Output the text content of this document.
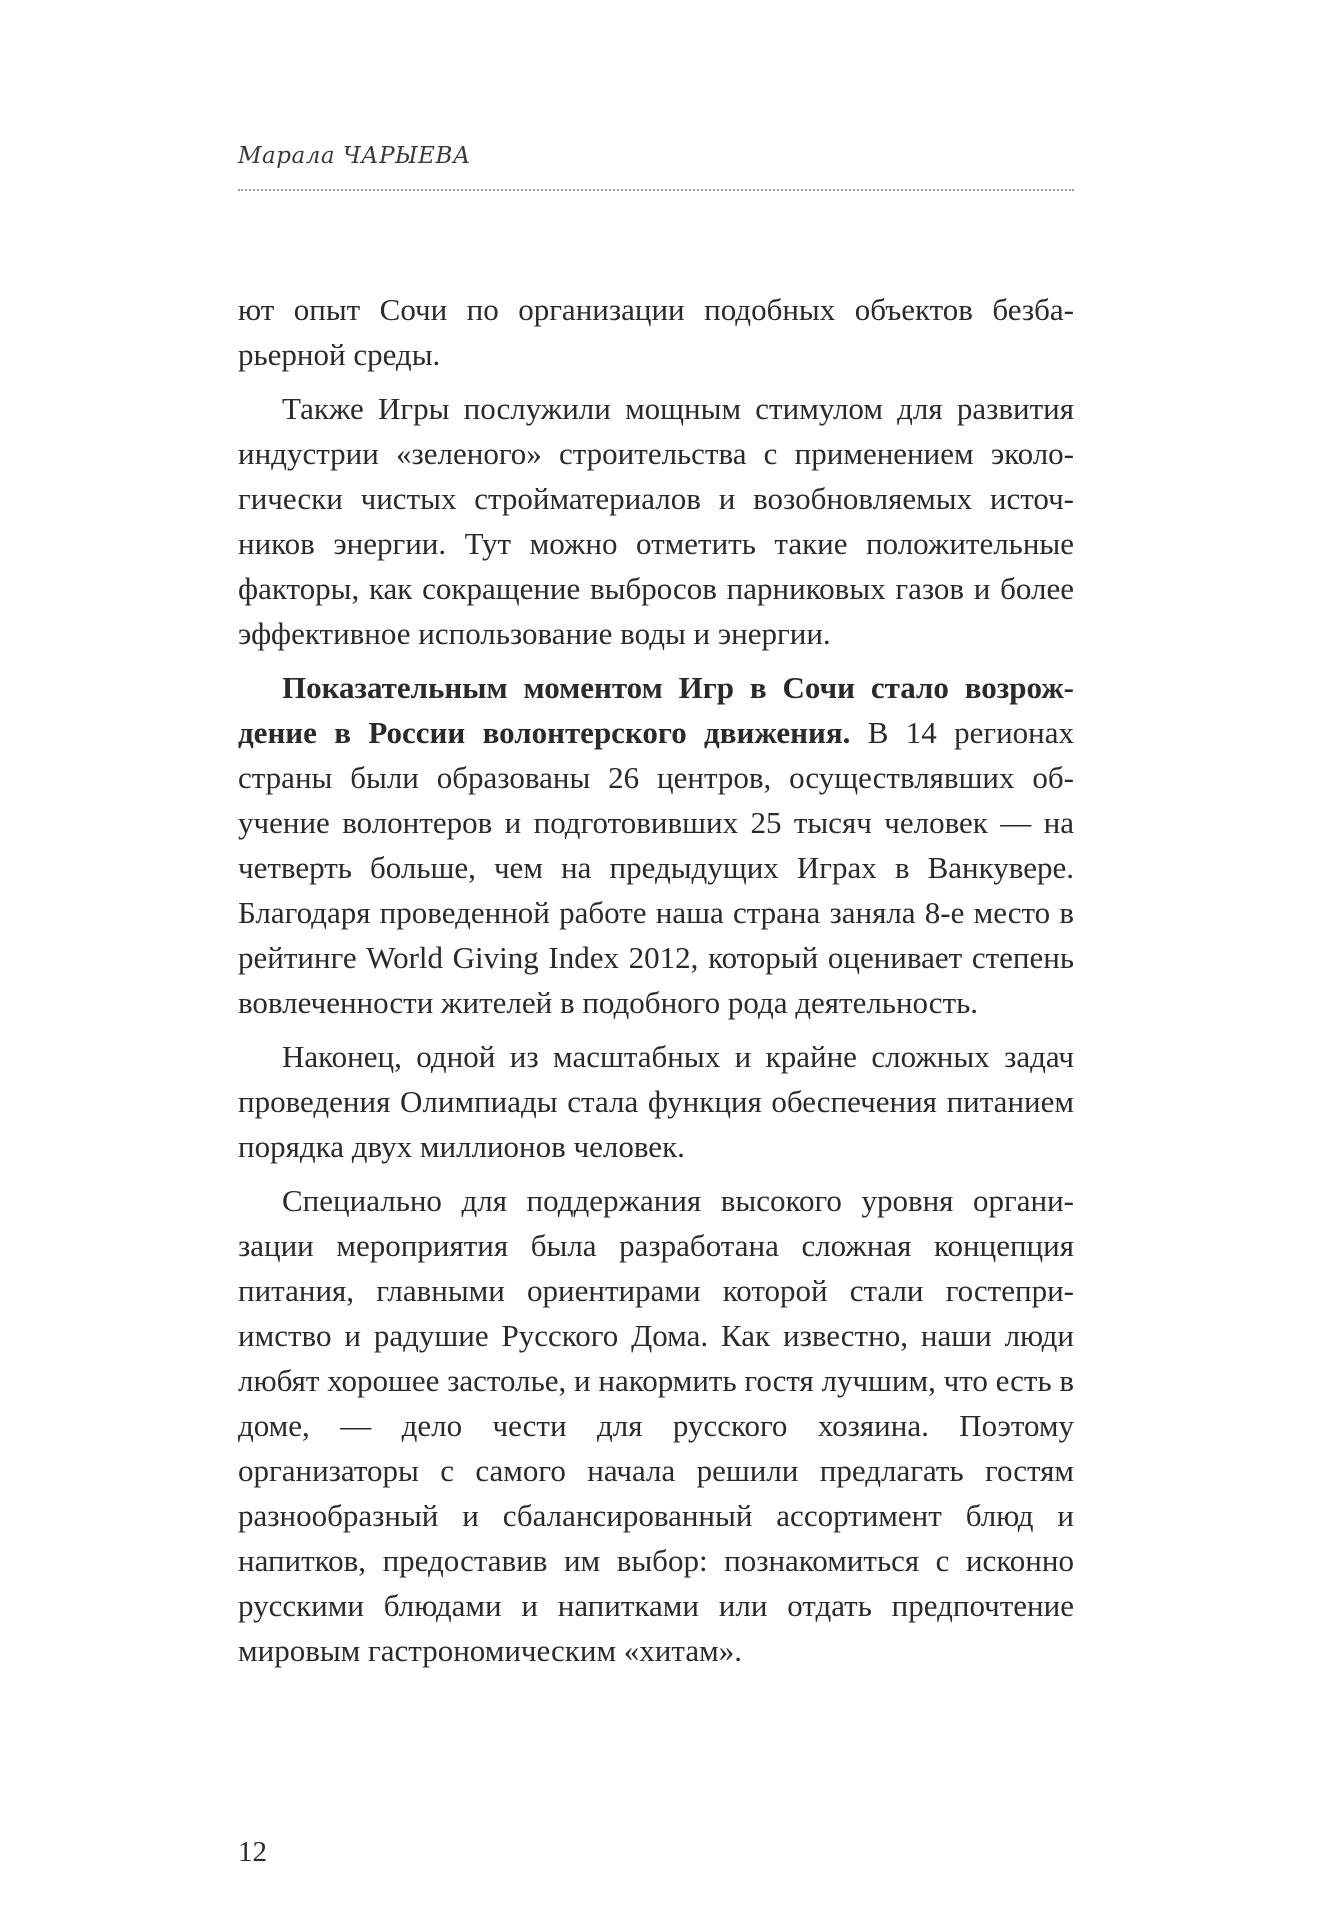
Марала ЧАРЫЕВА

ют опыт Сочи по организации подобных объектов безбарьерной среды.

Также Игры послужили мощным стимулом для развития индустрии «зеленого» строительства с применением экологически чистых стройматериалов и возобновляемых источников энергии. Тут можно отметить такие положительные факторы, как сокращение выбросов парниковых газов и более эффективное использование воды и энергии.

Показательным моментом Игр в Сочи стало возрождение в России волонтерского движения. В 14 регионах страны были образованы 26 центров, осуществлявших обучение волонтеров и подготовивших 25 тысяч человек — на четверть больше, чем на предыдущих Играх в Ванкувере. Благодаря проведенной работе наша страна заняла 8-е место в рейтинге World Giving Index 2012, который оценивает степень вовлеченности жителей в подобного рода деятельность.

Наконец, одной из масштабных и крайне сложных задач проведения Олимпиады стала функция обеспечения питанием порядка двух миллионов человек.

Специально для поддержания высокого уровня организации мероприятия была разработана сложная концепция питания, главными ориентирами которой стали гостеприимство и радушие Русского Дома. Как известно, наши люди любят хорошее застолье, и накормить гостя лучшим, что есть в доме, — дело чести для русского хозяина. Поэтому организаторы с самого начала решили предлагать гостям разнообразный и сбалансированный ассортимент блюд и напитков, предоставив им выбор: познакомиться с исконно русскими блюдами и напитками или отдать предпочтение мировым гастрономическим «хитам».

12
